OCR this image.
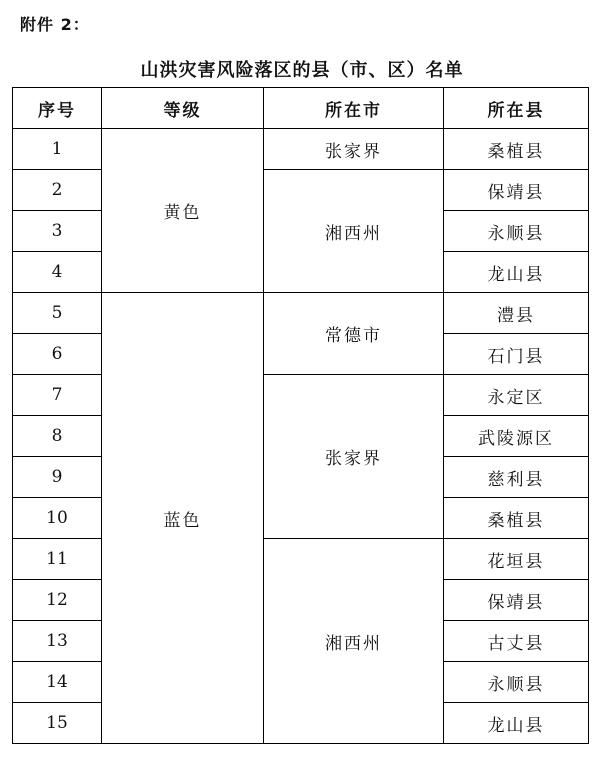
附件 2：
山洪灾害风险落区的县（市、区）名单
序号	等级	所在市	所在县
1	黄色	张家界	桑植县
2		湘西州	保靖县
3			永顺县
4			龙山县
5	蓝色	常德市	澧县
6			石门县
7		张家界	永定区
8			武陵源区
9			慈利县
10			桑植县
11		湘西州	花垣县
12			保靖县
13			古丈县
14			永顺县
15			龙山县
